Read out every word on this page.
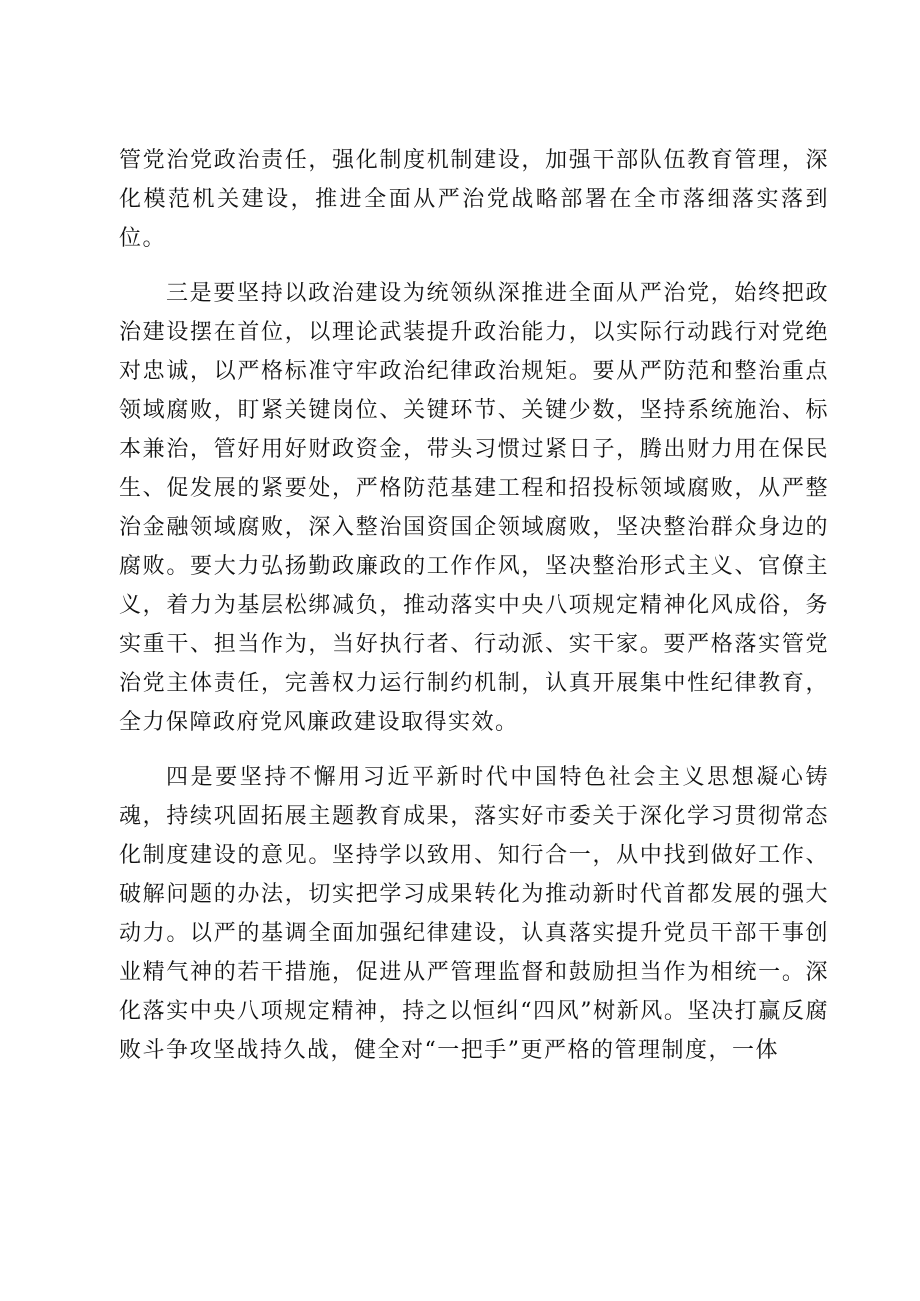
管党治党政治责任，强化制度机制建设，加强干部队伍教育管理，深化模范机关建设，推进全面从严治党战略部署在全市落细落实落到位。

三是要坚持以政治建设为统领纵深推进全面从严治党，始终把政治建设摆在首位，以理论武装提升政治能力，以实际行动践行对党绝对忠诚，以严格标准守牢政治纪律政治规矩。要从严防范和整治重点领域腐败，盯紧关键岗位、关键环节、关键少数，坚持系统施治、标本兼治，管好用好财政资金，带头习惯过紧日子，腾出财力用在保民生、促发展的紧要处，严格防范基建工程和招投标领域腐败，从严整治金融领域腐败，深入整治国资国企领域腐败，坚决整治群众身边的腐败。要大力弘扬勤政廉政的工作作风，坚决整治形式主义、官僚主义，着力为基层松绑减负，推动落实中央八项规定精神化风成俗，务实重干、担当作为，当好执行者、行动派、实干家。要严格落实管党治党主体责任，完善权力运行制约机制，认真开展集中性纪律教育，全力保障政府党风廉政建设取得实效。

四是要坚持不懈用习近平新时代中国特色社会主义思想凝心铸魂，持续巩固拓展主题教育成果，落实好市委关于深化学习贯彻常态化制度建设的意见。坚持学以致用、知行合一，从中找到做好工作、破解问题的办法，切实把学习成果转化为推动新时代首都发展的强大动力。以严的基调全面加强纪律建设，认真落实提升党员干部干事创业精气神的若干措施，促进从严管理监督和鼓励担当作为相统一。深化落实中央八项规定精神，持之以恒纠“四风”树新风。坚决打赢反腐败斗争攻坚战持久战，健全对“一把手”更严格的管理制度，一体
